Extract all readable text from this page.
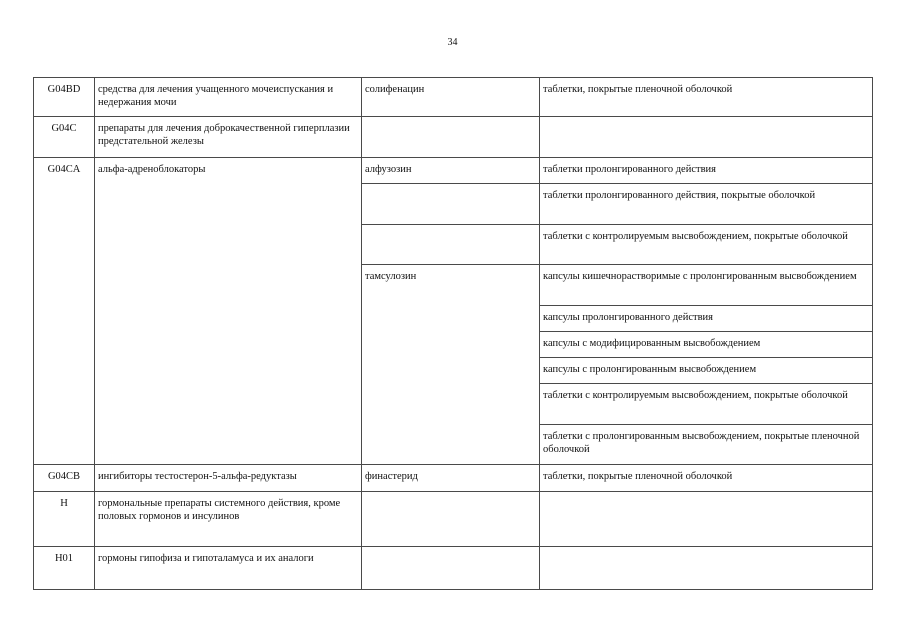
34
G04BD	средства для лечения учащенного мочеиспускания и недержания мочи	солифенацин	таблетки, покрытые пленочной оболочкой
G04C	препараты для лечения доброкачественной гиперплазии предстательной железы		
G04CA	альфа-адреноблокаторы	алфузозин	таблетки пролонгированного действия
			таблетки пролонгированного действия, покрытые оболочкой
			таблетки с контролируемым высвобождением, покрытые оболочкой
		тамсулозин	капсулы кишечнорастворимые с пролонгированным высвобождением
			капсулы пролонгированного действия
			капсулы с модифицированным высвобождением
			капсулы с пролонгированным высвобождением
			таблетки с контролируемым высвобождением, покрытые оболочкой
			таблетки с пролонгированным высвобождением, покрытые пленочной оболочкой
G04CB	ингибиторы тестостерон-5-альфа-редуктазы	финастерид	таблетки, покрытые пленочной оболочкой
H	гормональные препараты системного действия, кроме половых гормонов и инсулинов		
H01	гормоны гипофиза и гипоталамуса и их аналоги		
